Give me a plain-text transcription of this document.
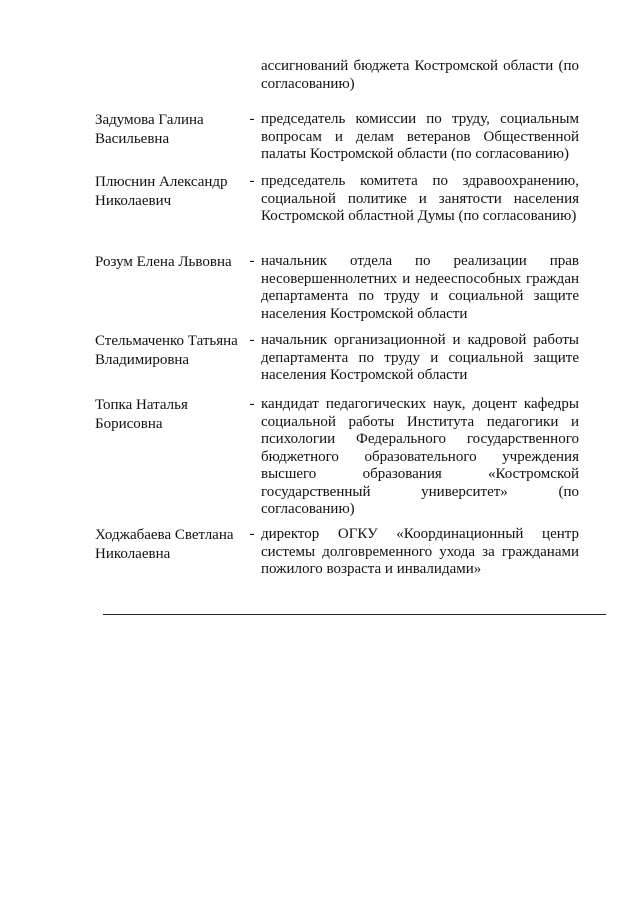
ассигнований бюджета Костромской области (по согласованию)
Задумова Галина Васильевна
- председатель комиссии по труду, социальным вопросам и делам ветеранов Общественной палаты Костромской области (по согласованию)
Плюснин Александр Николаевич
- председатель комитета по здравоохранению, социальной политике и занятости населения Костромской областной Думы (по согласованию)
Розум Елена Львовна	- начальник отдела по реализации прав несовершеннолетних и недееспособных граждан департамента по труду и социальной защите населения Костромской области
Стельмаченко Татьяна Владимировна
- начальник организационной и кадровой работы департамента по труду и социальной защите населения Костромской области
Топка Наталья Борисовна
- кандидат педагогических наук, доцент кафедры социальной работы Института педагогики и психологии Федерального государственного бюджетного образовательного учреждения высшего образования «Костромской государственный университет» (по согласованию)
Ходжабаева Светлана Николаевна
- директор ОГКУ «Координационный центр системы долговременного ухода за гражданами пожилого возраста и инвалидами»
